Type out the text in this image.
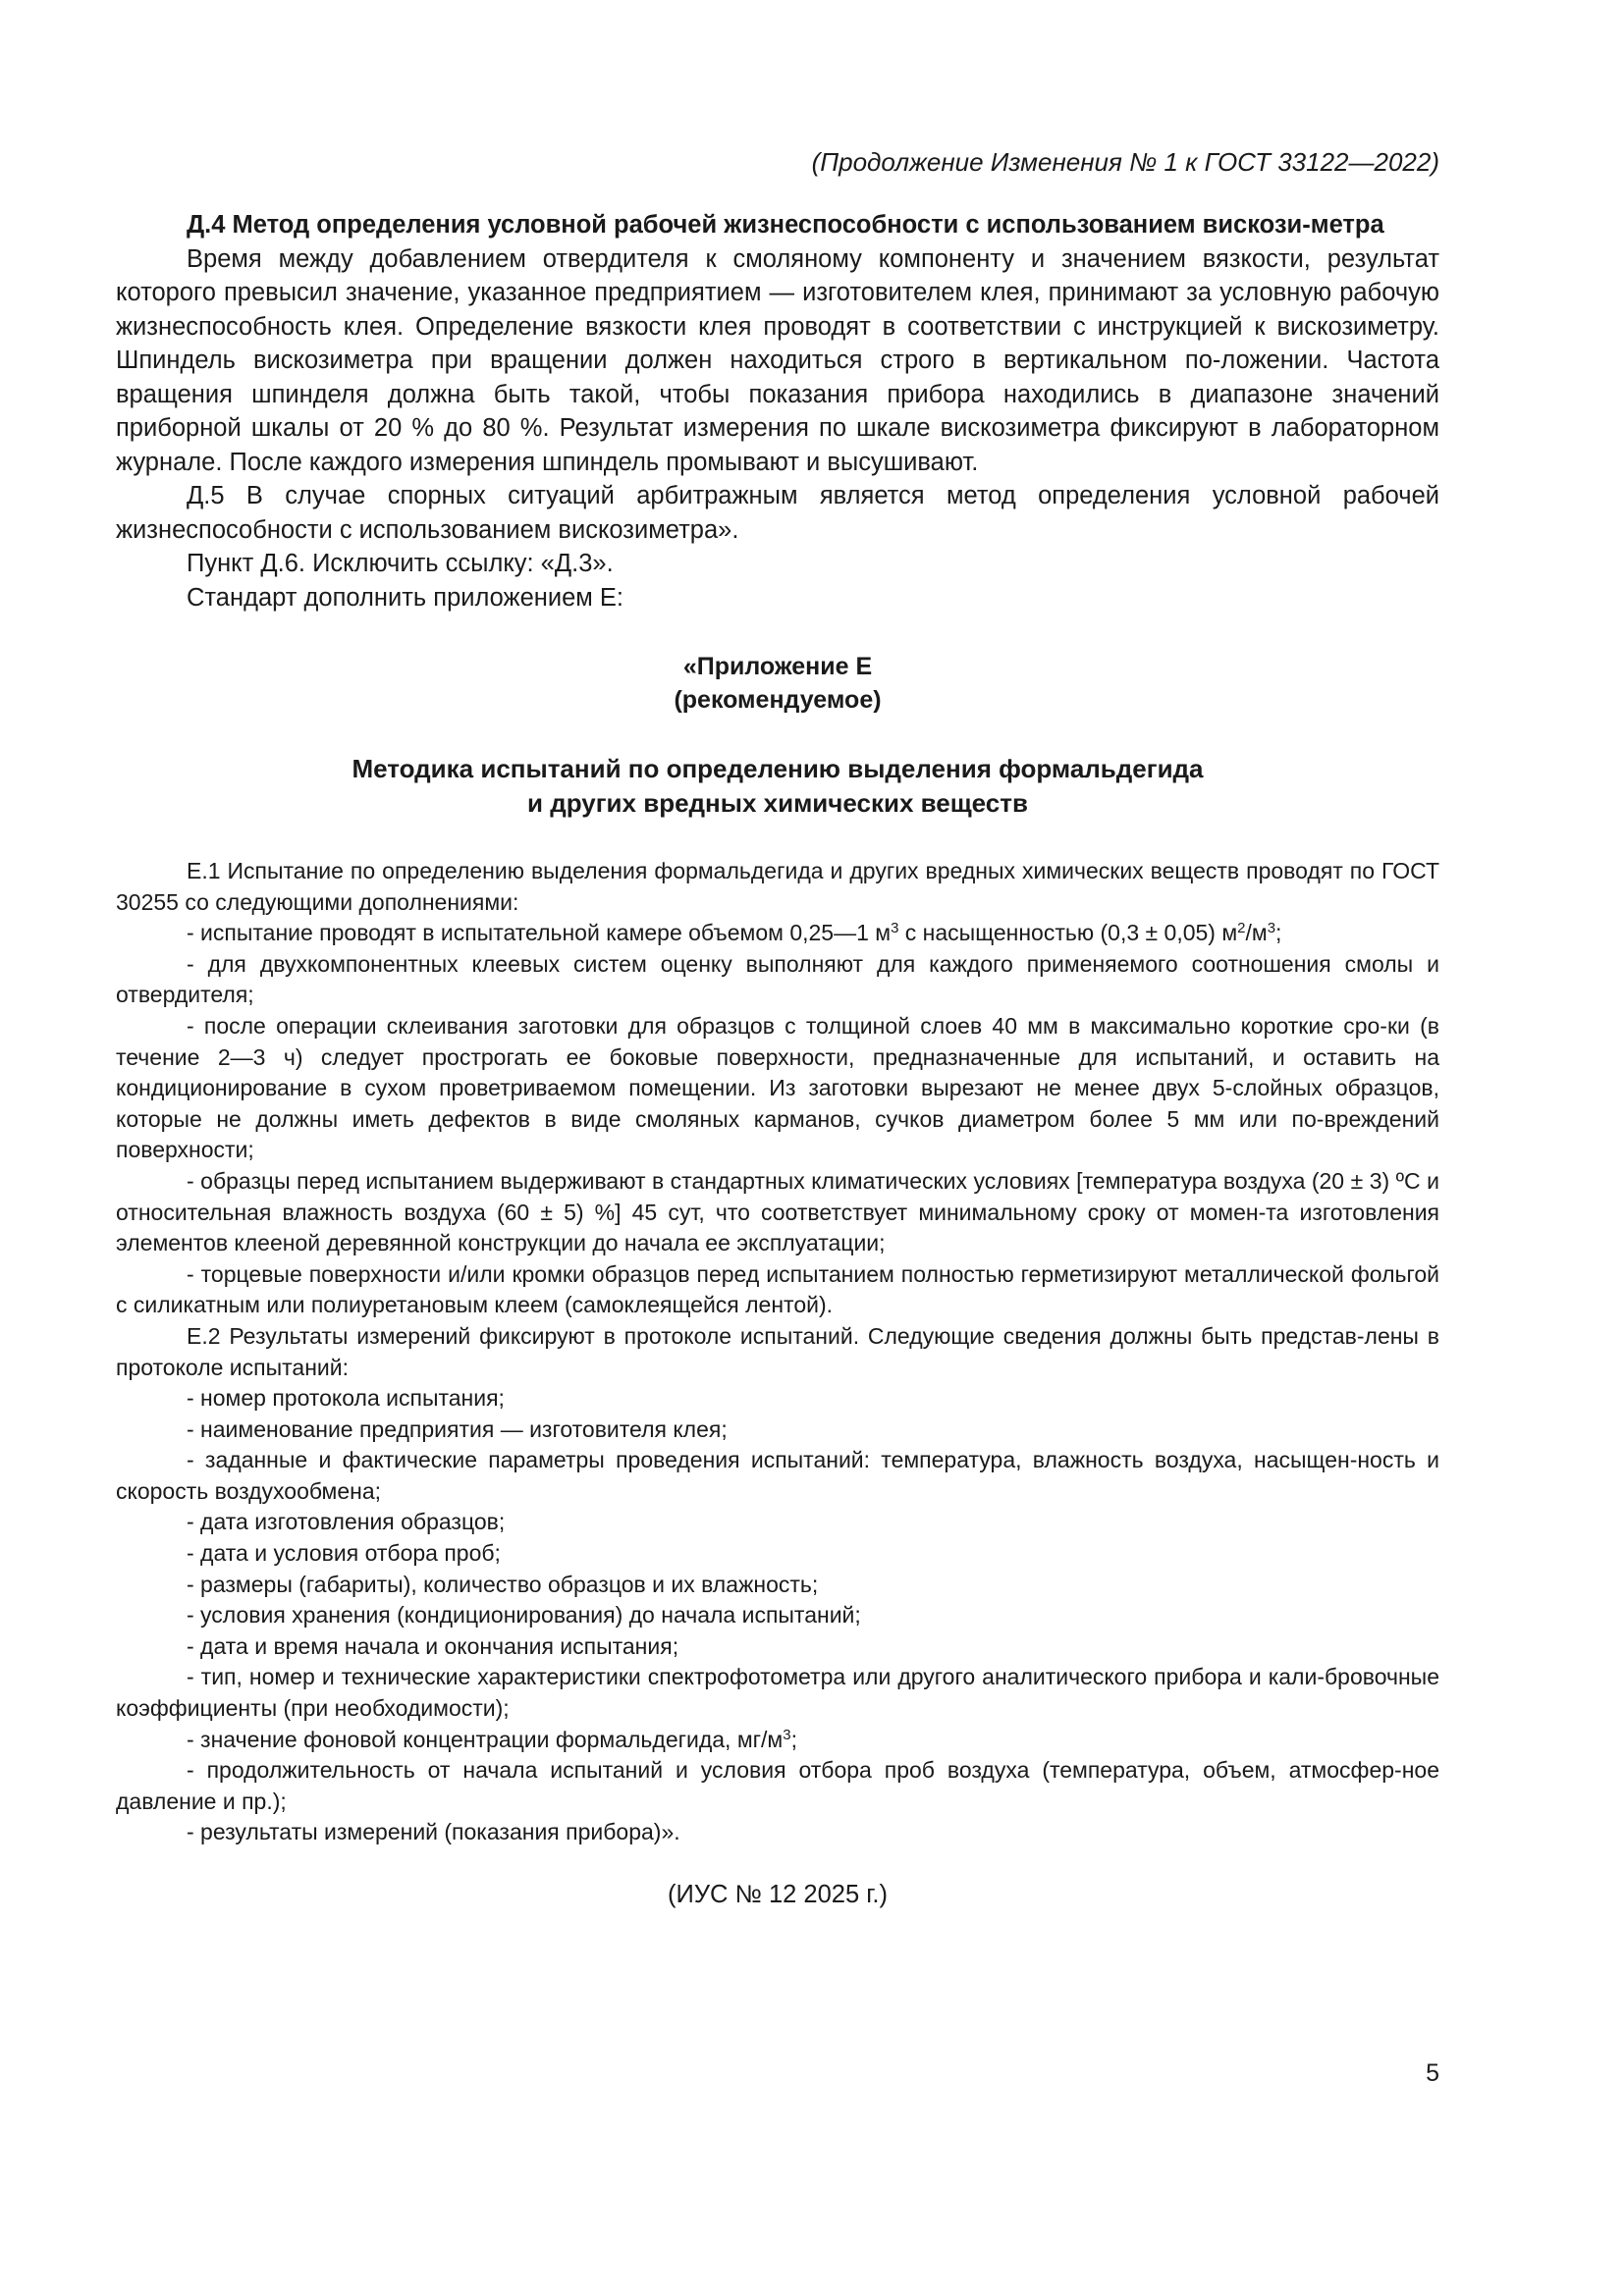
(Продолжение Изменения № 1 к ГОСТ 33122—2022)

Д.4 Метод определения условной рабочей жизнеспособности с использованием вискози-метра

Время между добавлением отвердителя к смоляному компоненту и значением вязкости, результат которого превысил значение, указанное предприятием — изготовителем клея, принимают за условную рабочую жизнеспособность клея. Определение вязкости клея проводят в соответствии с инструкцией к вискозиметру. Шпиндель вискозиметра при вращении должен находиться строго в вертикальном по-ложении. Частота вращения шпинделя должна быть такой, чтобы показания прибора находились в диапазоне значений приборной шкалы от 20 % до 80 %. Результат измерения по шкале вискозиметра фиксируют в лабораторном журнале. После каждого измерения шпиндель промывают и высушивают.

Д.5 В случае спорных ситуаций арбитражным является метод определения условной рабочей жизнеспособности с использованием вискозиметра».

Пункт Д.6. Исключить ссылку: «Д.3».

Стандарт дополнить приложением Е:

«Приложение Е
(рекомендуемое)
Методика испытаний по определению выделения формальдегида
и других вредных химических веществ

Е.1 Испытание по определению выделения формальдегида и других вредных химических веществ проводят по ГОСТ 30255 со следующими дополнениями:

- испытание проводят в испытательной камере объемом 0,25—1 $м^3$ с насыщенностью (0,3 ± 0,05) $м^2/м^3$;

- для двухкомпонентных клеевых систем оценку выполняют для каждого применяемого соотношения смолы и отвердителя;

- после операции склеивания заготовки для образцов с толщиной слоев 40 мм в максимально короткие сро-ки (в течение 2—3 ч) следует прострогать ее боковые поверхности, предназначенные для испытаний, и оставить на кондиционирование в сухом проветриваемом помещении. Из заготовки вырезают не менее двух 5-слойных образцов, которые не должны иметь дефектов в виде смоляных карманов, сучков диаметром более 5 мм или по-вреждений поверхности;

- образцы перед испытанием выдерживают в стандартных климатических условиях [температура воздуха (20 ± 3) ºС и относительная влажность воздуха (60 ± 5) %] 45 сут, что соответствует минимальному сроку от момен-та изготовления элементов клееной деревянной конструкции до начала ее эксплуатации;

- торцевые поверхности и/или кромки образцов перед испытанием полностью герметизируют металлической фольгой с силикатным или полиуретановым клеем (самоклеящейся лентой).

Е.2 Результаты измерений фиксируют в протоколе испытаний. Следующие сведения должны быть представ-лены в протоколе испытаний:

- номер протокола испытания;

- наименование предприятия — изготовителя клея;

- заданные и фактические параметры проведения испытаний: температура, влажность воздуха, насыщен-ность и скорость воздухообмена;

- дата изготовления образцов;

- дата и условия отбора проб;

- размеры (габариты), количество образцов и их влажность;

- условия хранения (кондиционирования) до начала испытаний;

- дата и время начала и окончания испытания;

- тип, номер и технические характеристики спектрофотометра или другого аналитического прибора и кали-бровочные коэффициенты (при необходимости);

- значение фоновой концентрации формальдегида, $мг/м^3$;

- продолжительность от начала испытаний и условия отбора проб воздуха (температура, объем, атмосфер-ное давление и пр.);

- результаты измерений (показания прибора)».

(ИУС № 12 2025 г.)
5
